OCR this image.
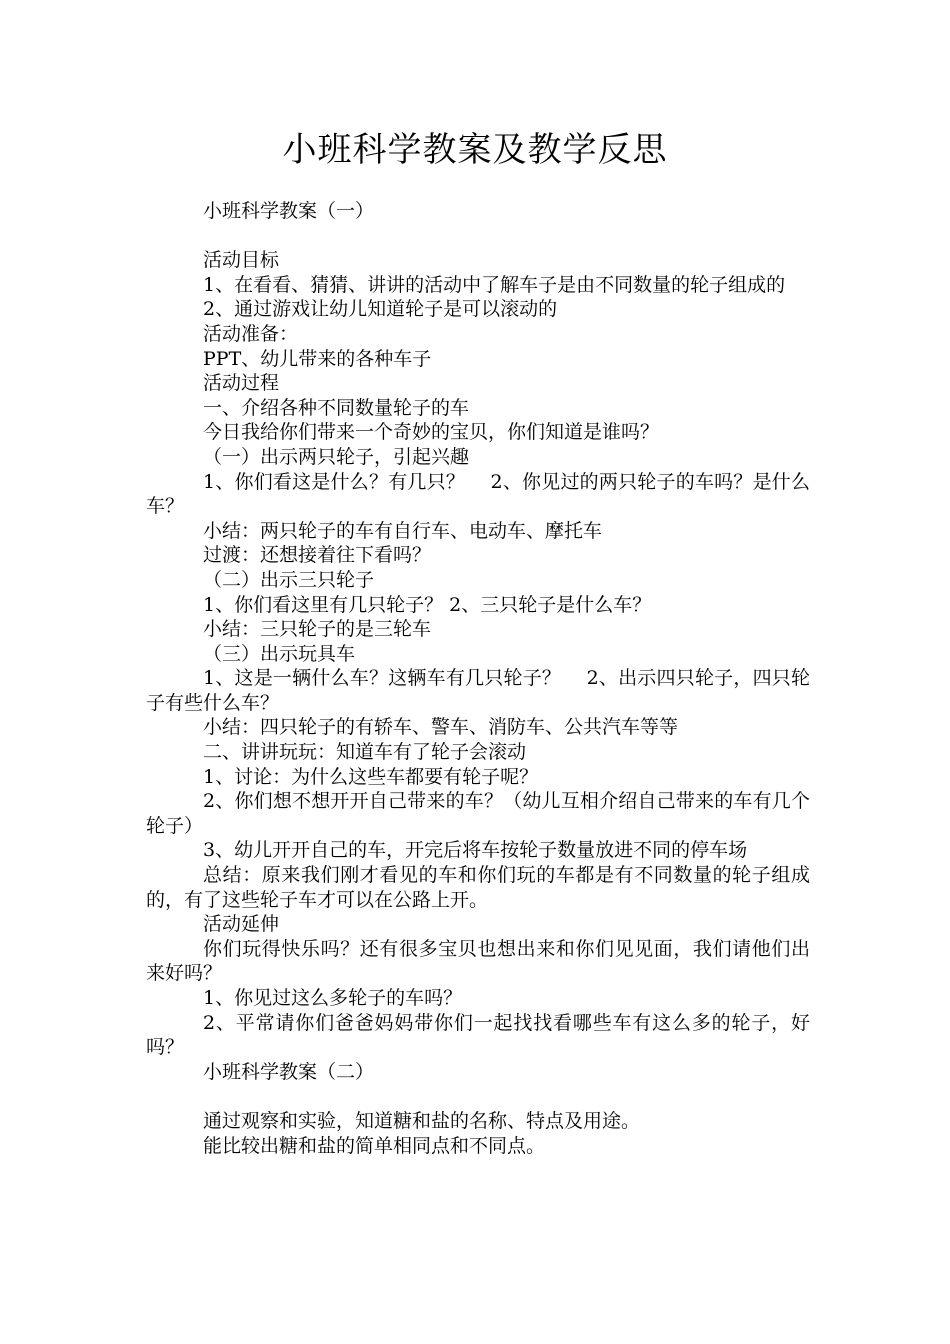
小班科学教案及教学反思

小班科学教案（一）

活动目标

1、在看看、猜猜、讲讲的活动中了解车子是由不同数量的轮子组成的

2、通过游戏让幼儿知道轮子是可以滚动的

活动准备：

PPT、幼儿带来的各种车子

活动过程

一、介绍各种不同数量轮子的车

今日我给你们带来一个奇妙的宝贝，你们知道是谁吗？

（一）出示两只轮子，引起兴趣

1、你们看这是什么？有几只？　 2、你见过的两只轮子的车吗？是什么车？

小结：两只轮子的车有自行车、电动车、摩托车

过渡：还想接着往下看吗？

（二）出示三只轮子

1、你们看这里有几只轮子？ 2、三只轮子是什么车？

小结：三只轮子的是三轮车

（三）出示玩具车

1、这是一辆什么车？这辆车有几只轮子？　 2、出示四只轮子，四只轮子有些什么车？

小结：四只轮子的有轿车、警车、消防车、公共汽车等等

二、讲讲玩玩：知道车有了轮子会滚动

1、讨论：为什么这些车都要有轮子呢？

2、你们想不想开开自己带来的车？（幼儿互相介绍自己带来的车有几个轮子）

3、幼儿开开自己的车，开完后将车按轮子数量放进不同的停车场

总结：原来我们刚才看见的车和你们玩的车都是有不同数量的轮子组成的，有了这些轮子车才可以在公路上开。

活动延伸

你们玩得快乐吗？还有很多宝贝也想出来和你们见见面，我们请他们出来好吗？

1、你见过这么多轮子的车吗？

2、平常请你们爸爸妈妈带你们一起找找看哪些车有这么多的轮子，好吗？

小班科学教案（二）

通过观察和实验，知道糖和盐的名称、特点及用途。

能比较出糖和盐的简单相同点和不同点。
